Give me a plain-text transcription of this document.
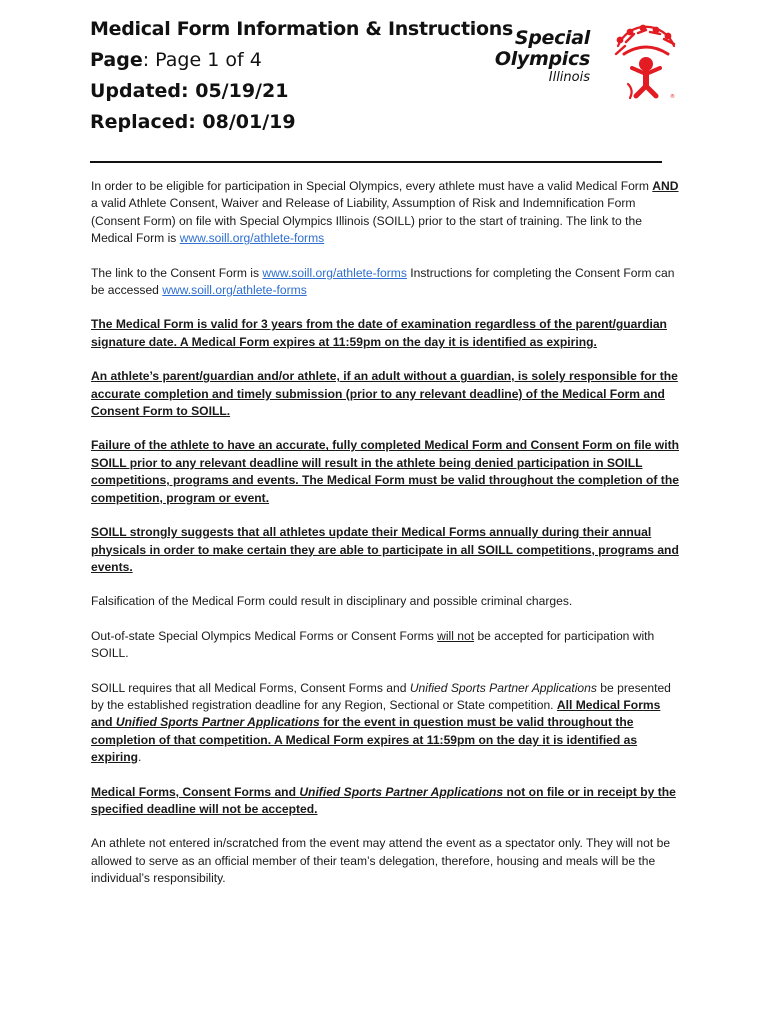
Medical Form Information & Instructions
Page: Page 1 of 4
Updated: 05/19/21
Replaced: 08/01/19
Special
Olympics
Illinois
®

In order to be eligible for participation in Special Olympics, every athlete must have a valid Medical Form AND a valid Athlete Consent, Waiver and Release of Liability, Assumption of Risk and Indemnification Form (Consent Form) on file with Special Olympics Illinois (SOILL) prior to the start of training. The link to the Medical Form is www.soill.org/athlete-forms

The link to the Consent Form is www.soill.org/athlete-forms Instructions for completing the Consent Form can be accessed www.soill.org/athlete-forms

The Medical Form is valid for 3 years from the date of examination regardless of the parent/guardian signature date. A Medical Form expires at 11:59pm on the day it is identified as expiring.

An athlete’s parent/guardian and/or athlete, if an adult without a guardian, is solely responsible for the accurate completion and timely submission (prior to any relevant deadline) of the Medical Form and Consent Form to SOILL.

Failure of the athlete to have an accurate, fully completed Medical Form and Consent Form on file with SOILL prior to any relevant deadline will result in the athlete being denied participation in SOILL competitions, programs and events. The Medical Form must be valid throughout the completion of the competition, program or event.

SOILL strongly suggests that all athletes update their Medical Forms annually during their annual physicals in order to make certain they are able to participate in all SOILL competitions, programs and events.

Falsification of the Medical Form could result in disciplinary and possible criminal charges.

Out-of-state Special Olympics Medical Forms or Consent Forms will not be accepted for participation with SOILL.

SOILL requires that all Medical Forms, Consent Forms and Unified Sports Partner Applications be presented by the established registration deadline for any Region, Sectional or State competition. All Medical Forms and Unified Sports Partner Applications for the event in question must be valid throughout the completion of that competition. A Medical Form expires at 11:59pm on the day it is identified as expiring.

Medical Forms, Consent Forms and Unified Sports Partner Applications not on file or in receipt by the specified deadline will not be accepted.

An athlete not entered in/scratched from the event may attend the event as a spectator only. They will not be allowed to serve as an official member of their team’s delegation, therefore, housing and meals will be the individual’s responsibility.
